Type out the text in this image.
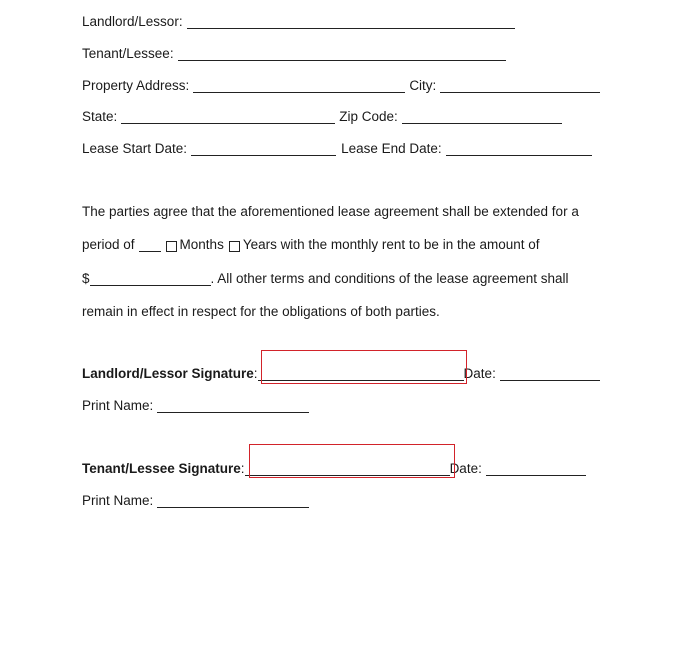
Landlord/Lessor:
Tenant/Lessee:
Property Address:	City:
State:	Zip Code:
Lease Start Date:	Lease End Date:
The parties agree that the aforementioned lease agreement shall be extended for a
period of	Months Years with the monthly rent to be in the amount of
$	. All other terms and conditions of the lease agreement shall
remain in effect in respect for the obligations of both parties.
Landlord/Lessor Signature :	Date:
Print Name:
Tenant/Lessee Signature :	Date:
Print Name:
